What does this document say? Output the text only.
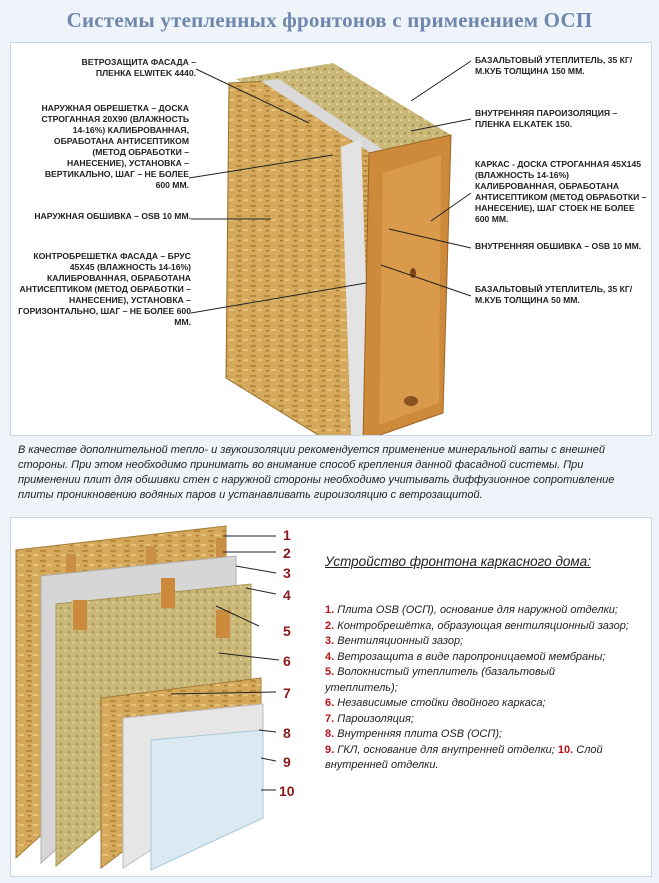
Системы утепленных фронтонов с применением ОСП
ВЕТРОЗАЩИТА ФАСАДА – ПЛЕНКА ELWITEK 4440.
НАРУЖНАЯ ОБРЕШЕТКА – ДОСКА СТРОГАННАЯ 20Х90 (ВЛАЖНОСТЬ 14-16%) КАЛИБРОВАННАЯ, ОБРАБОТАНА АНТИСЕПТИКОМ (МЕТОД ОБРАБОТКИ – НАНЕСЕНИЕ), УСТАНОВКА – ВЕРТИКАЛЬНО, ШАГ – НЕ БОЛЕЕ 600 ММ.
НАРУЖНАЯ ОБШИВКА – OSB 10 ММ.
КОНТРОБРЕШЕТКА ФАСАДА – БРУС 45Х45 (ВЛАЖНОСТЬ 14-16%) КАЛИБРОВАННАЯ, ОБРАБОТАНА АНТИСЕПТИКОМ (МЕТОД ОБРАБОТКИ – НАНЕСЕНИЕ), УСТАНОВКА – ГОРИЗОНТАЛЬНО, ШАГ – НЕ БОЛЕЕ 600 ММ.
БАЗАЛЬТОВЫЙ УТЕПЛИТЕЛЬ, 35 КГ/М.КУБ ТОЛЩИНА 150 ММ.
ВНУТРЕННЯЯ ПАРОИЗОЛЯЦИЯ – ПЛЕНКА ELKATEK 150.
КАРКАС - ДОСКА СТРОГАННАЯ 45Х145 (ВЛАЖНОСТЬ 14-16%) КАЛИБРОВАННАЯ, ОБРАБОТАНА АНТИСЕПТИКОМ (МЕТОД ОБРАБОТКИ – НАНЕСЕНИЕ), ШАГ СТОЕК НЕ БОЛЕЕ 600 ММ.
ВНУТРЕННЯЯ ОБШИВКА – OSB 10 ММ.
БАЗАЛЬТОВЫЙ УТЕПЛИТЕЛЬ, 35 КГ/М.КУБ ТОЛЩИНА 50 ММ.
В качестве дополнительной тепло- и звукоизоляции рекомендуется применение минеральной ваты с внешней стороны. При этом необходимо принимать во внимание способ крепления данной фасадной системы. При применении плит для обшивки стен с наружной стороны необходимо учитывать диффузионное сопротивление плиты проникновению водяных паров и устанавливать гироизоляцию с ветрозащитой.
1
2
3
4
5
6
7
8
9
10
Устройство фронтона каркасного дома:
1. Плита OSB (ОСП), основание для наружной отделки;
2. Контробрешётка, образующая вентиляционный зазор;
3. Вентиляционный зазор;
4. Ветрозащита в виде паропроницаемой мембраны;
5. Волокнистый утеплитель (базальтовый утеплитель);
6. Независимые стойки двойного каркаса;
7. Пароизоляция;
8. Внутренняя плита OSB (ОСП);
9. ГКЛ, основание для внутренней отделки; 10. Слой внутренней отделки.
